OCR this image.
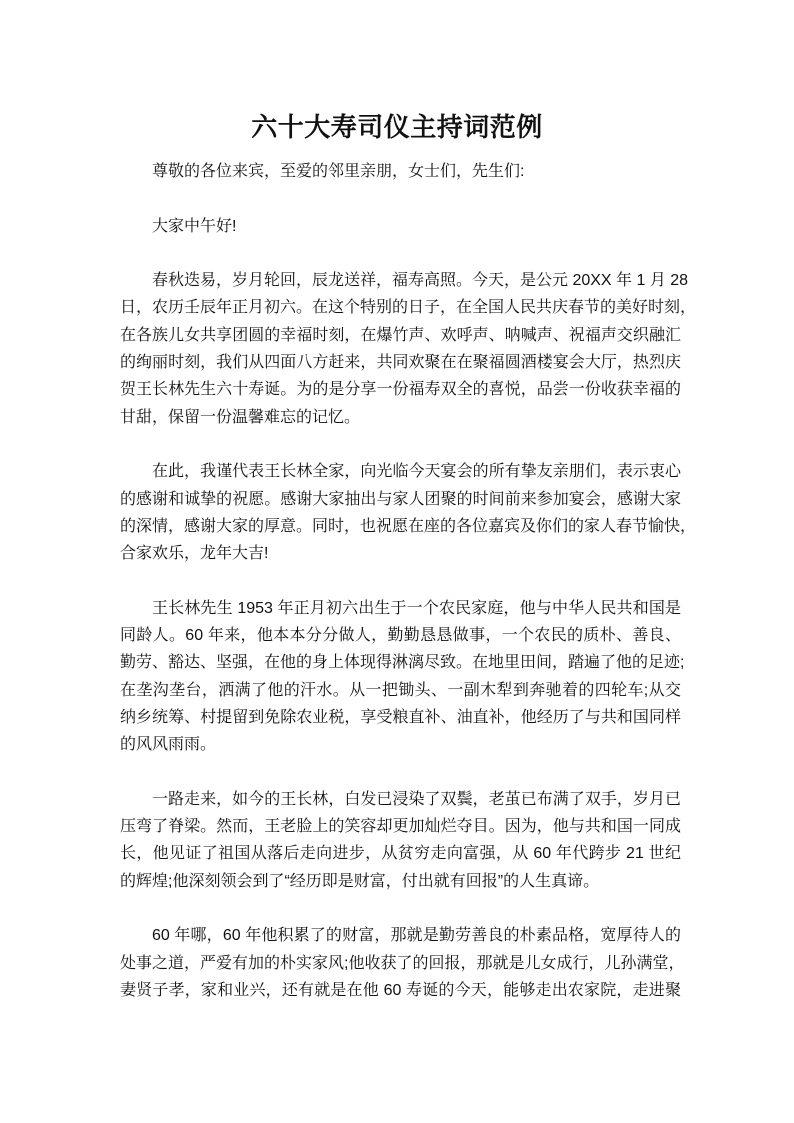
六十大寿司仪主持词范例
尊敬的各位来宾，至爱的邻里亲朋，女士们，先生们:
大家中午好!
春秋迭易，岁月轮回，辰龙送祥，福寿高照。今天，是公元 20XX 年 1 月 28
日，农历壬辰年正月初六。在这个特别的日子，在全国人民共庆春节的美好时刻，
在各族儿女共享团圆的幸福时刻，在爆竹声、欢呼声、呐喊声、祝福声交织融汇
的绚丽时刻，我们从四面八方赶来，共同欢聚在在聚福圆酒楼宴会大厅，热烈庆
贺王长林先生六十寿诞。为的是分享一份福寿双全的喜悦，品尝一份收获幸福的
甘甜，保留一份温馨难忘的记忆。
在此，我谨代表王长林全家，向光临今天宴会的所有挚友亲朋们，表示衷心
的感谢和诚挚的祝愿。感谢大家抽出与家人团聚的时间前来参加宴会，感谢大家
的深情，感谢大家的厚意。同时，也祝愿在座的各位嘉宾及你们的家人春节愉快，
合家欢乐，龙年大吉!
王长林先生 1953 年正月初六出生于一个农民家庭，他与中华人民共和国是
同龄人。60 年来，他本本分分做人，勤勤恳恳做事，一个农民的质朴、善良、
勤劳、豁达、坚强，在他的身上体现得淋漓尽致。在地里田间，踏遍了他的足迹;
在垄沟垄台，洒满了他的汗水。从一把锄头、一副木犁到奔驰着的四轮车;从交
纳乡统筹、村提留到免除农业税，享受粮直补、油直补，他经历了与共和国同样
的风风雨雨。
一路走来，如今的王长林，白发已浸染了双鬓，老茧已布满了双手，岁月已
压弯了脊梁。然而，王老脸上的笑容却更加灿烂夺目。因为，他与共和国一同成
长，他见证了祖国从落后走向进步，从贫穷走向富强，从 60 年代跨步 21 世纪
的辉煌;他深刻领会到了“经历即是财富，付出就有回报”的人生真谛。
60 年哪，60 年他积累了的财富，那就是勤劳善良的朴素品格，宽厚待人的
处事之道，严爱有加的朴实家风;他收获了的回报，那就是儿女成行，儿孙满堂，
妻贤子孝，家和业兴，还有就是在他 60 寿诞的今天，能够走出农家院，走进聚
